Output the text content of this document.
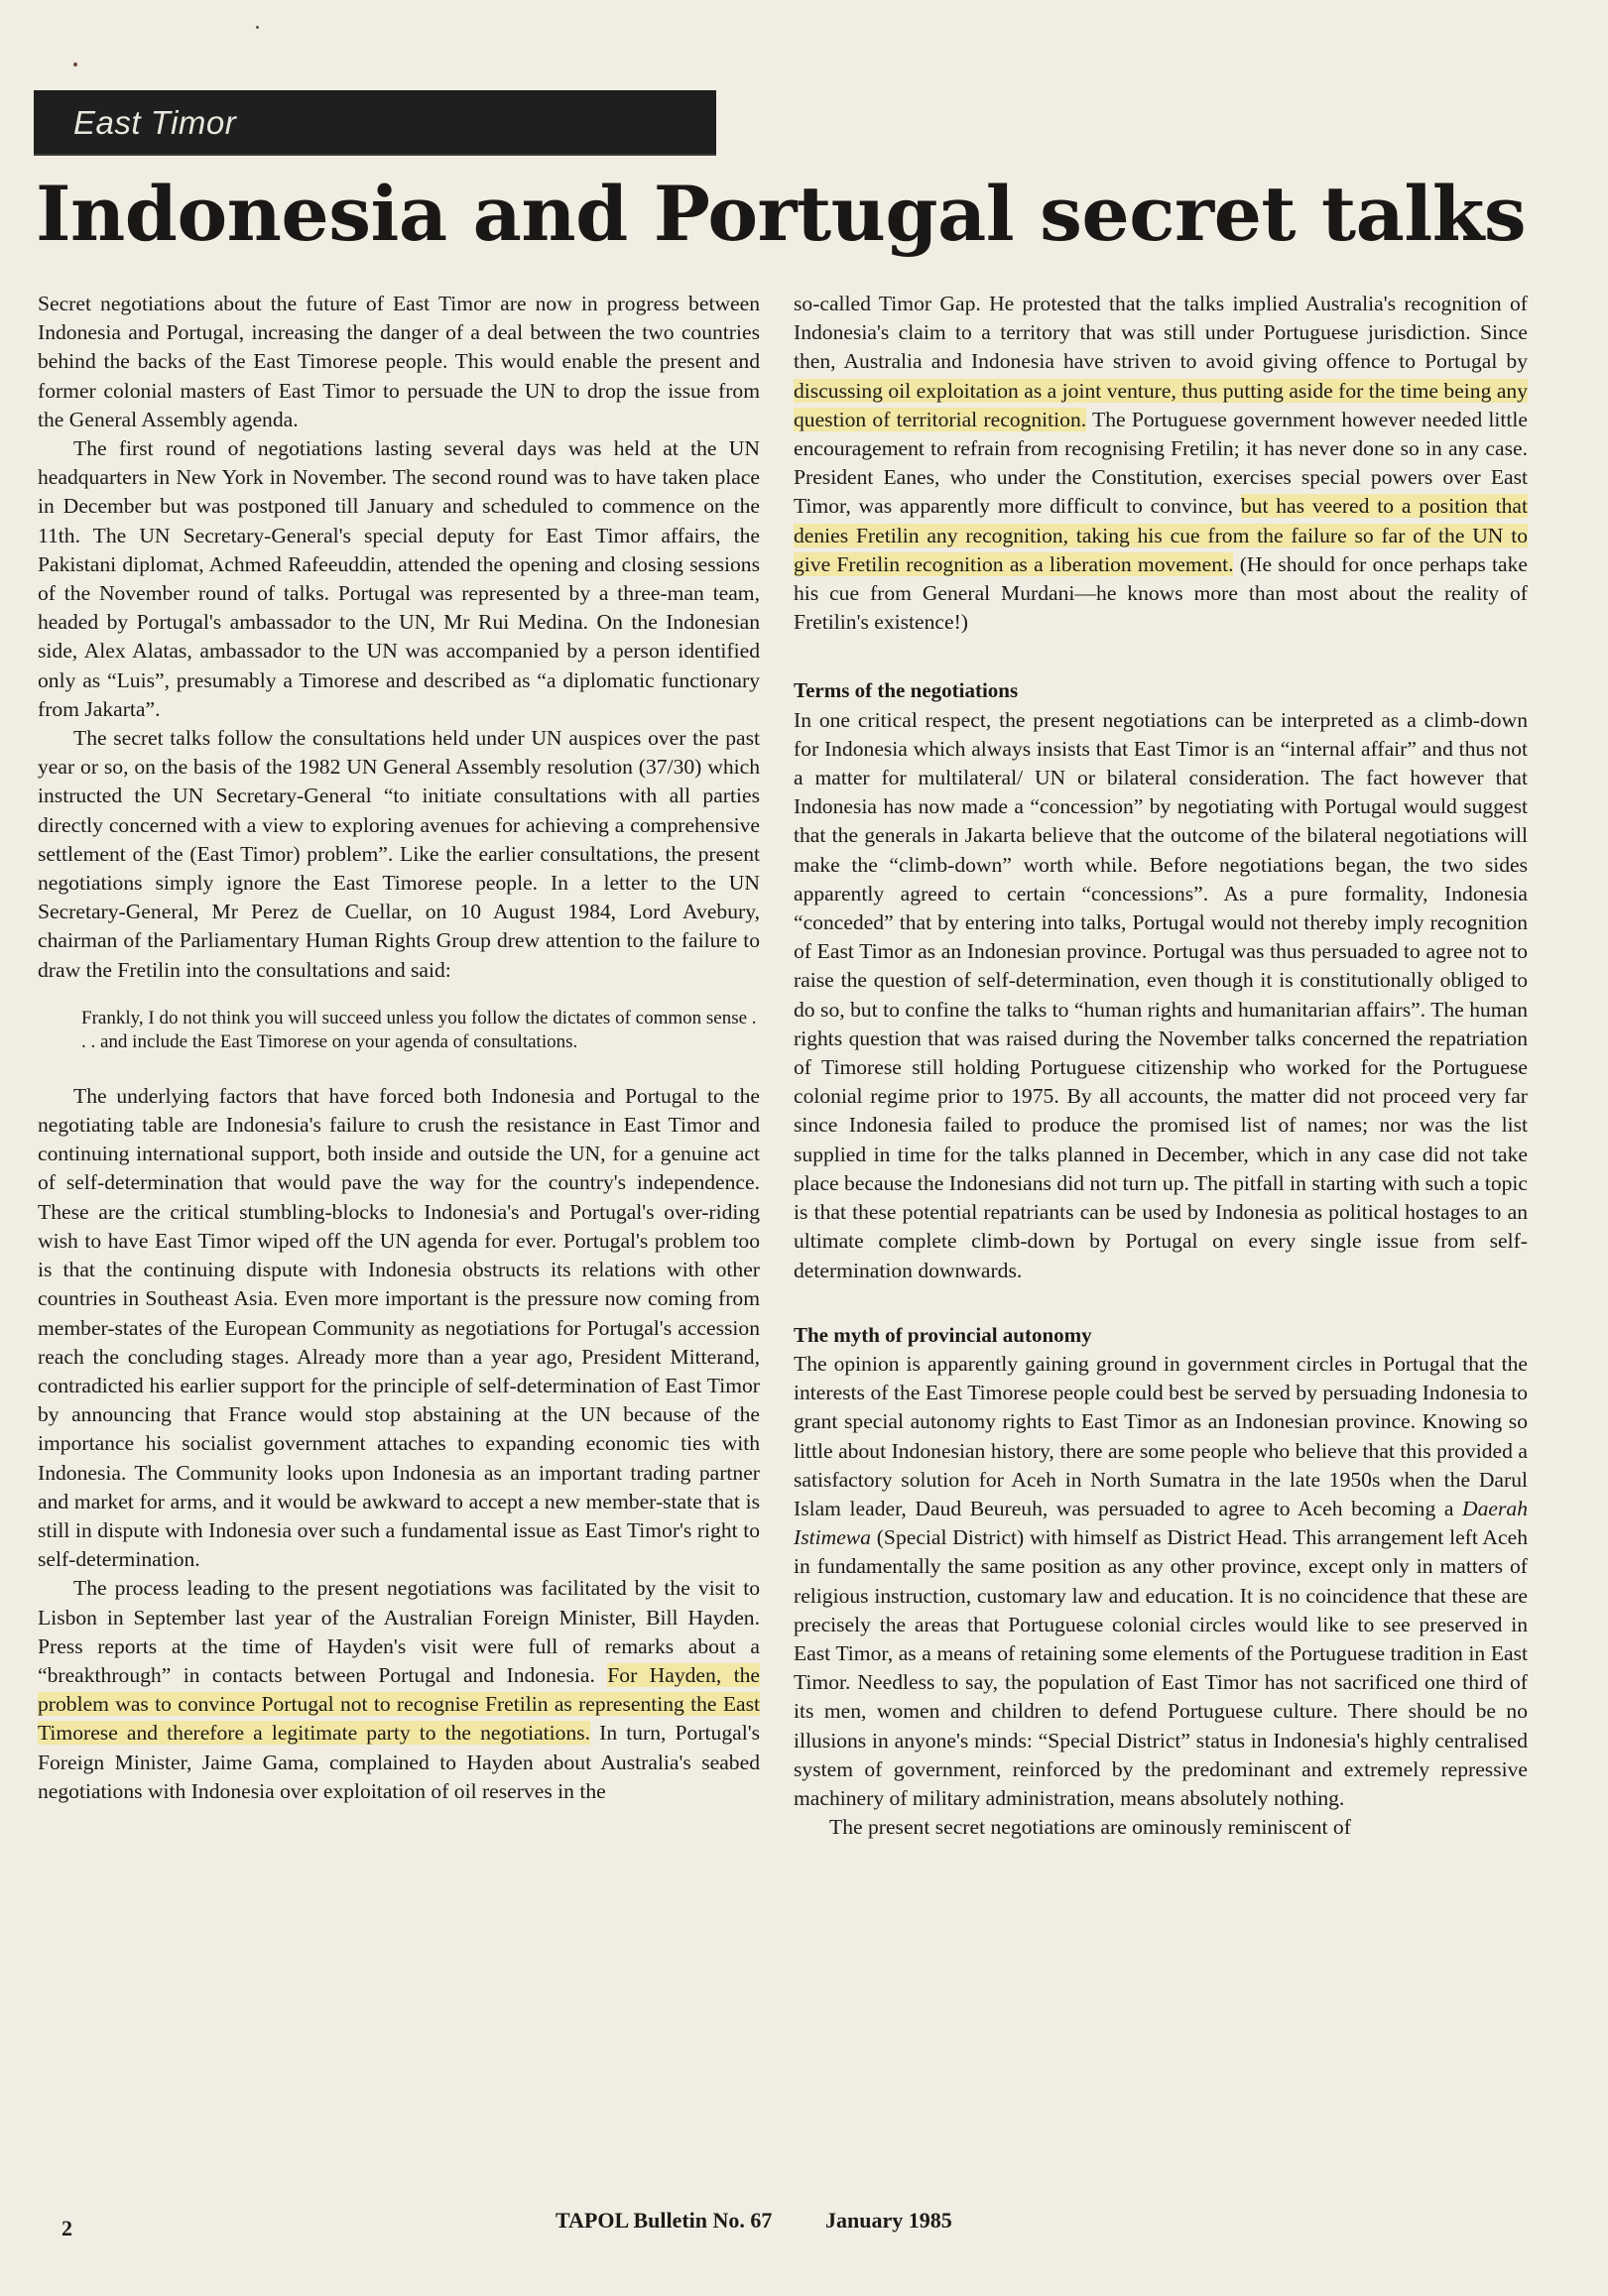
East Timor
Indonesia and Portugal secret talks

Secret negotiations about the future of East Timor are now in progress between Indonesia and Portugal, increasing the danger of a deal between the two countries behind the backs of the East Timorese people. This would enable the present and former colonial masters of East Timor to persuade the UN to drop the issue from the General Assembly agenda.

The first round of negotiations lasting several days was held at the UN headquarters in New York in November. The second round was to have taken place in December but was postponed till January and scheduled to commence on the 11th. The UN Secretary-General's special deputy for East Timor affairs, the Pakistani diplomat, Achmed Rafeeuddin, attended the opening and closing sessions of the November round of talks. Portugal was represented by a three-man team, headed by Portugal's ambassador to the UN, Mr Rui Medina. On the Indonesian side, Alex Alatas, ambassador to the UN was accompanied by a person identified only as “Luis”, presumably a Timorese and described as “a diplomatic functionary from Jakarta”.

The secret talks follow the consultations held under UN auspices over the past year or so, on the basis of the 1982 UN General Assembly resolution (37/30) which instructed the UN Secretary-General “to initiate consultations with all parties directly concerned with a view to exploring avenues for achieving a comprehensive settlement of the (East Timor) problem”. Like the earlier consultations, the present negotiations simply ignore the East Timorese people. In a letter to the UN Secretary-General, Mr Perez de Cuellar, on 10 August 1984, Lord Avebury, chairman of the Parliamentary Human Rights Group drew attention to the failure to draw the Fretilin into the consultations and said:

Frankly, I do not think you will succeed unless you follow the dictates of common sense . . . and include the East Timorese on your agenda of consultations.

The underlying factors that have forced both Indonesia and Portugal to the negotiating table are Indonesia's failure to crush the resistance in East Timor and continuing international support, both inside and outside the UN, for a genuine act of self-determination that would pave the way for the country's independence. These are the critical stumbling-blocks to Indonesia's and Portugal's over-riding wish to have East Timor wiped off the UN agenda for ever. Portugal's problem too is that the continuing dispute with Indonesia obstructs its relations with other countries in Southeast Asia. Even more important is the pressure now coming from member-states of the European Community as negotiations for Portugal's accession reach the concluding stages. Already more than a year ago, President Mitterand, contradicted his earlier support for the principle of self-determination of East Timor by announcing that France would stop abstaining at the UN because of the importance his socialist government attaches to expanding economic ties with Indonesia. The Community looks upon Indonesia as an important trading partner and market for arms, and it would be awkward to accept a new member-state that is still in dispute with Indonesia over such a fundamental issue as East Timor's right to self-determination.

The process leading to the present negotiations was facilitated by the visit to Lisbon in September last year of the Australian Foreign Minister, Bill Hayden. Press reports at the time of Hayden's visit were full of remarks about a “breakthrough” in contacts between Portugal and Indonesia. For Hayden, the problem was to convince Portugal not to recognise Fretilin as representing the East Timorese and therefore a legitimate party to the negotiations. In turn, Portugal's Foreign Minister, Jaime Gama, complained to Hayden about Australia's seabed negotiations with Indonesia over exploitation of oil reserves in the

so-called Timor Gap. He protested that the talks implied Australia's recognition of Indonesia's claim to a territory that was still under Portuguese jurisdiction. Since then, Australia and Indonesia have striven to avoid giving offence to Portugal by discussing oil exploitation as a joint venture, thus putting aside for the time being any question of territorial recognition. The Portuguese government however needed little encouragement to refrain from recognising Fretilin; it has never done so in any case. President Eanes, who under the Constitution, exercises special powers over East Timor, was apparently more difficult to convince, but has veered to a position that denies Fretilin any recognition, taking his cue from the failure so far of the UN to give Fretilin recognition as a liberation movement. (He should for once perhaps take his cue from General Murdani—he knows more than most about the reality of Fretilin's existence!)

Terms of the negotiations

In one critical respect, the present negotiations can be interpreted as a climb-down for Indonesia which always insists that East Timor is an “internal affair” and thus not a matter for multilateral/ UN or bilateral consideration. The fact however that Indonesia has now made a “concession” by negotiating with Portugal would suggest that the generals in Jakarta believe that the outcome of the bilateral negotiations will make the “climb-down” worth while. Before negotiations began, the two sides apparently agreed to certain “concessions”. As a pure formality, Indonesia “conceded” that by entering into talks, Portugal would not thereby imply recognition of East Timor as an Indonesian province. Portugal was thus persuaded to agree not to raise the question of self-determination, even though it is constitutionally obliged to do so, but to confine the talks to “human rights and humanitarian affairs”. The human rights question that was raised during the November talks concerned the repatriation of Timorese still holding Portuguese citizenship who worked for the Portuguese colonial regime prior to 1975. By all accounts, the matter did not proceed very far since Indonesia failed to produce the promised list of names; nor was the list supplied in time for the talks planned in December, which in any case did not take place because the Indonesians did not turn up. The pitfall in starting with such a topic is that these potential repatriants can be used by Indonesia as political hostages to an ultimate complete climb-down by Portugal on every single issue from self-determination downwards.

The myth of provincial autonomy

The opinion is apparently gaining ground in government circles in Portugal that the interests of the East Timorese people could best be served by persuading Indonesia to grant special autonomy rights to East Timor as an Indonesian province. Knowing so little about Indonesian history, there are some people who believe that this provided a satisfactory solution for Aceh in North Sumatra in the late 1950s when the Darul Islam leader, Daud Beureuh, was persuaded to agree to Aceh becoming a Daerah Istimewa (Special District) with himself as District Head. This arrangement left Aceh in fundamentally the same position as any other province, except only in matters of religious instruction, customary law and education. It is no coincidence that these are precisely the areas that Portuguese colonial circles would like to see preserved in East Timor, as a means of retaining some elements of the Portuguese tradition in East Timor. Needless to say, the population of East Timor has not sacrificed one third of its men, women and children to defend Portuguese culture. There should be no illusions in anyone's minds: “Special District” status in Indonesia's highly centralised system of government, reinforced by the predominant and extremely repressive machinery of military administration, means absolutely nothing.

The present secret negotiations are ominously reminiscent of

2	TAPOL Bulletin No. 67 January 1985
